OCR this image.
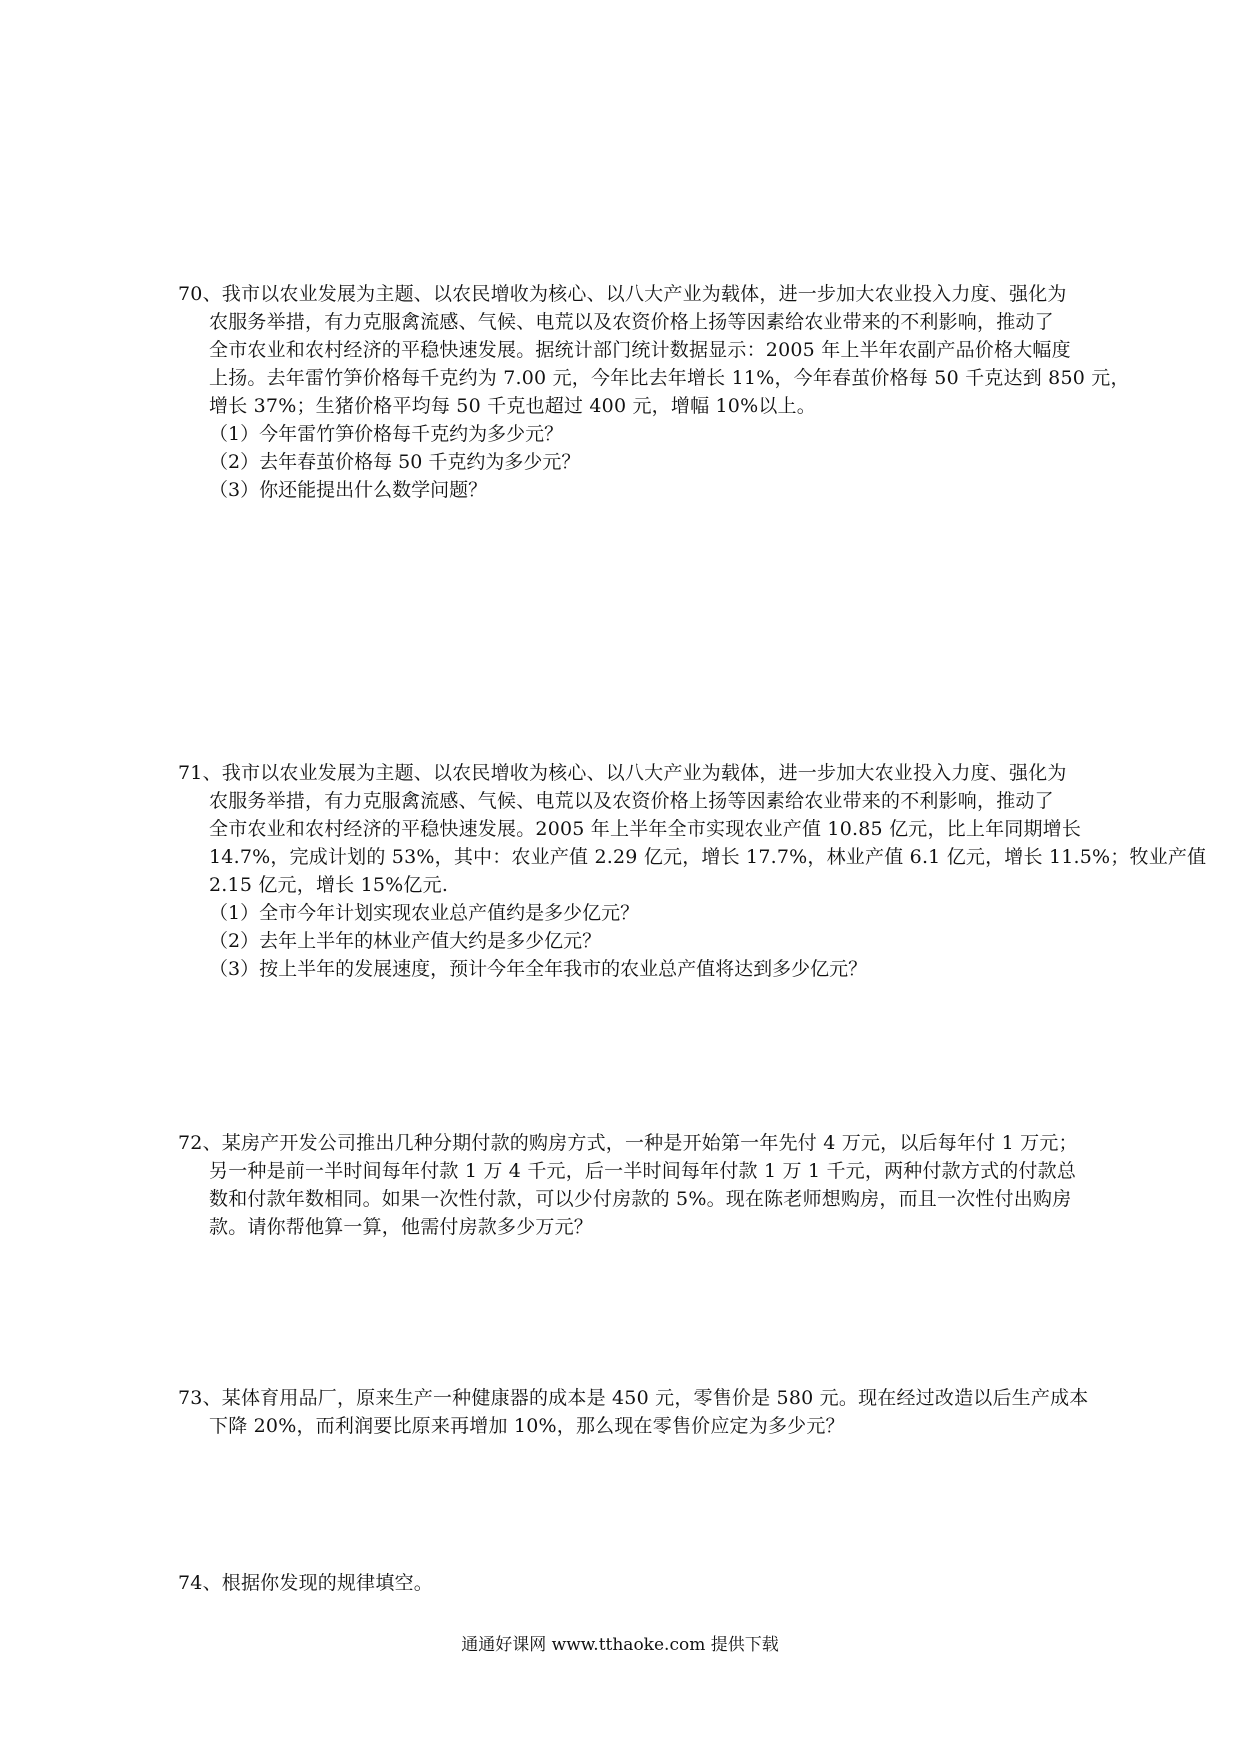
70、我市以农业发展为主题、以农民增收为核心、以八大产业为载体，进一步加大农业投入力度、强化为
农服务举措，有力克服禽流感、气候、电荒以及农资价格上扬等因素给农业带来的不利影响，推动了
全市农业和农村经济的平稳快速发展。据统计部门统计数据显示：2005 年上半年农副产品价格大幅度
上扬。去年雷竹笋价格每千克约为 7.00 元，今年比去年增长 11%，今年春茧价格每 50 千克达到 850 元，
增长 37%；生猪价格平均每 50 千克也超过 400 元，增幅 10%以上。
（1）今年雷竹笋价格每千克约为多少元？
（2）去年春茧价格每 50 千克约为多少元？
（3）你还能提出什么数学问题？
71、我市以农业发展为主题、以农民增收为核心、以八大产业为载体，进一步加大农业投入力度、强化为
农服务举措，有力克服禽流感、气候、电荒以及农资价格上扬等因素给农业带来的不利影响，推动了
全市农业和农村经济的平稳快速发展。2005 年上半年全市实现农业产值 10.85 亿元，比上年同期增长
14.7%，完成计划的 53%，其中：农业产值 2.29 亿元，增长 17.7%，林业产值 6.1 亿元，增长 11.5%；牧业产值
2.15 亿元，增长 15%亿元.
（1）全市今年计划实现农业总产值约是多少亿元？
（2）去年上半年的林业产值大约是多少亿元？
（3）按上半年的发展速度，预计今年全年我市的农业总产值将达到多少亿元？
72、某房产开发公司推出几种分期付款的购房方式，一种是开始第一年先付 4 万元，以后每年付 1 万元；
另一种是前一半时间每年付款 1 万 4 千元，后一半时间每年付款 1 万 1 千元，两种付款方式的付款总
数和付款年数相同。如果一次性付款，可以少付房款的 5%。现在陈老师想购房，而且一次性付出购房
款。请你帮他算一算，他需付房款多少万元？
73、某体育用品厂，原来生产一种健康器的成本是 450 元，零售价是 580 元。现在经过改造以后生产成本
下降 20%，而利润要比原来再增加 10%，那么现在零售价应定为多少元？
74、根据你发现的规律填空。
通通好课网 www.tthaoke.com 提供下载
